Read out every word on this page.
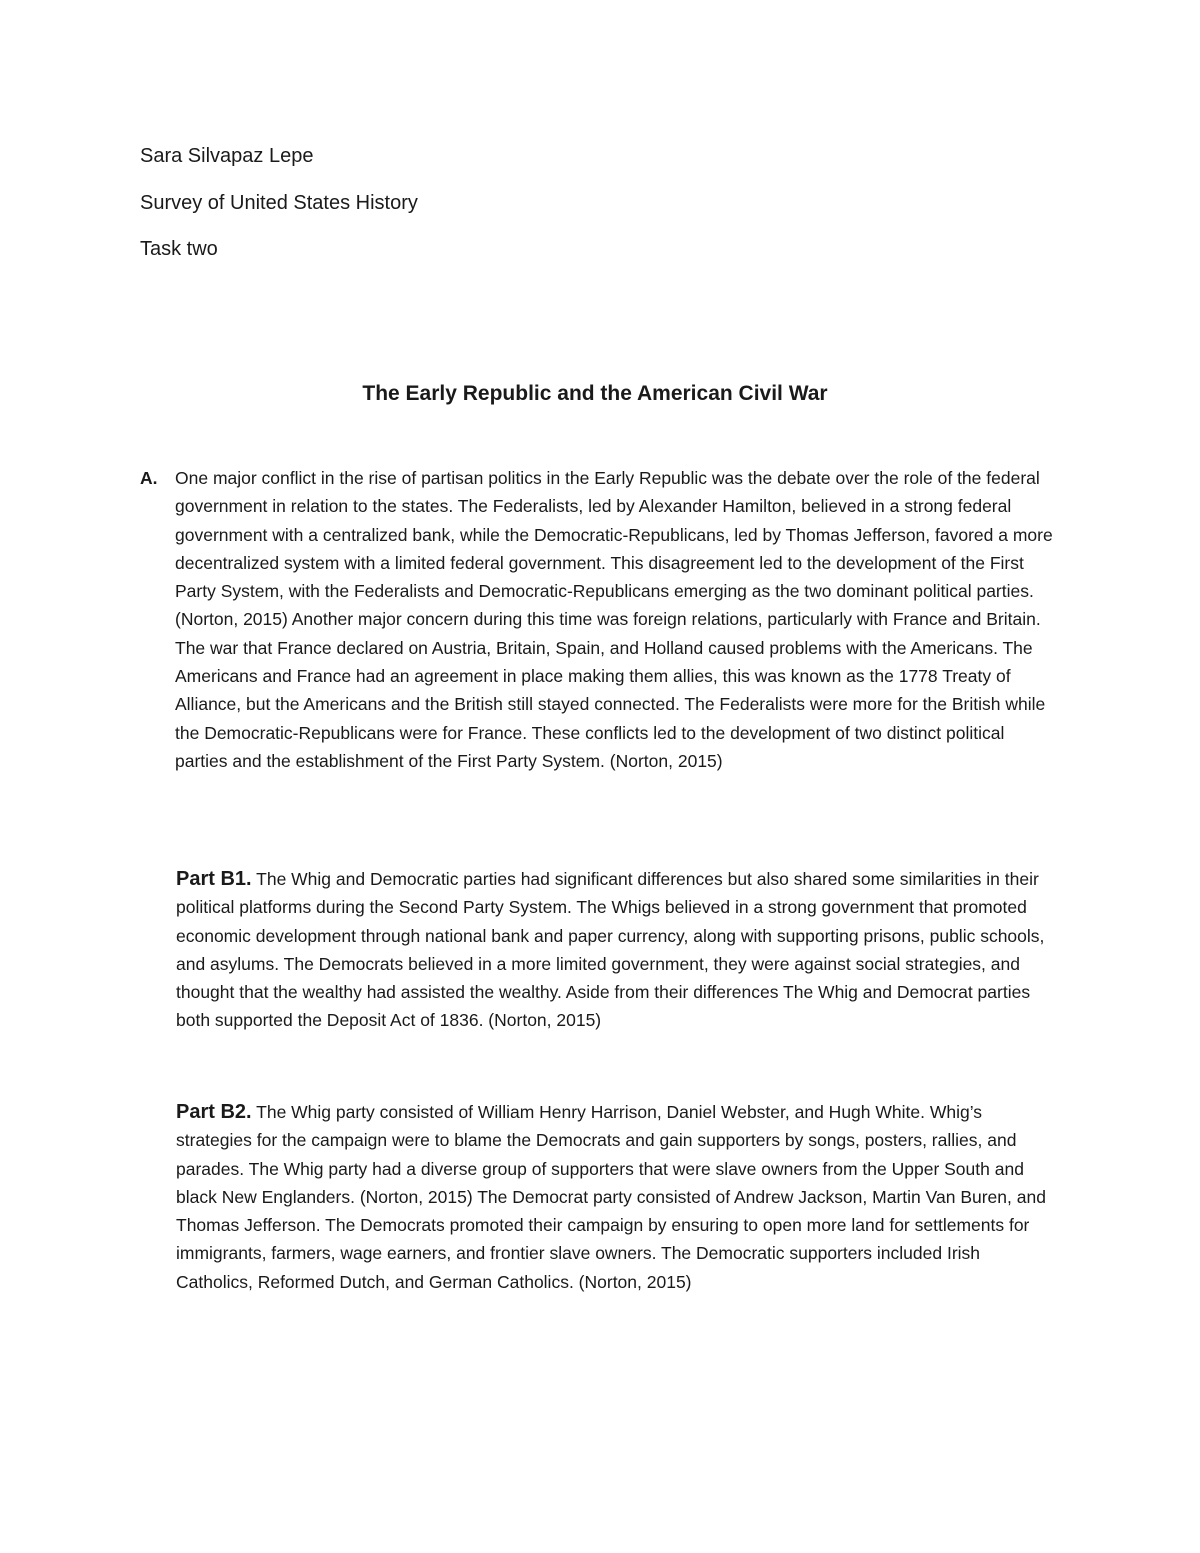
Sara Silvapaz Lepe
Survey of United States History
Task two
The Early Republic and the American Civil War
A. One major conflict in the rise of partisan politics in the Early Republic was the debate over the role of the federal government in relation to the states. The Federalists, led by Alexander Hamilton, believed in a strong federal government with a centralized bank, while the Democratic-Republicans, led by Thomas Jefferson, favored a more decentralized system with a limited federal government. This disagreement led to the development of the First Party System, with the Federalists and Democratic-Republicans emerging as the two dominant political parties. (Norton, 2015) Another major concern during this time was foreign relations, particularly with France and Britain. The war that France declared on Austria, Britain, Spain, and Holland caused problems with the Americans. The Americans and France had an agreement in place making them allies, this was known as the 1778 Treaty of Alliance, but the Americans and the British still stayed connected. The Federalists were more for the British while the Democratic-Republicans were for France. These conflicts led to the development of two distinct political parties and the establishment of the First Party System. (Norton, 2015)

Part B1. The Whig and Democratic parties had significant differences but also shared some similarities in their political platforms during the Second Party System. The Whigs believed in a strong government that promoted economic development through national bank and paper currency, along with supporting prisons, public schools, and asylums. The Democrats believed in a more limited government, they were against social strategies, and thought that the wealthy had assisted the wealthy. Aside from their differences The Whig and Democrat parties both supported the Deposit Act of 1836. (Norton, 2015)

Part B2. The Whig party consisted of William Henry Harrison, Daniel Webster, and Hugh White. Whig’s strategies for the campaign were to blame the Democrats and gain supporters by songs, posters, rallies, and parades. The Whig party had a diverse group of supporters that were slave owners from the Upper South and black New Englanders. (Norton, 2015) The Democrat party consisted of Andrew Jackson, Martin Van Buren, and Thomas Jefferson. The Democrats promoted their campaign by ensuring to open more land for settlements for immigrants, farmers, wage earners, and frontier slave owners. The Democratic supporters included Irish Catholics, Reformed Dutch, and German Catholics. (Norton, 2015)
